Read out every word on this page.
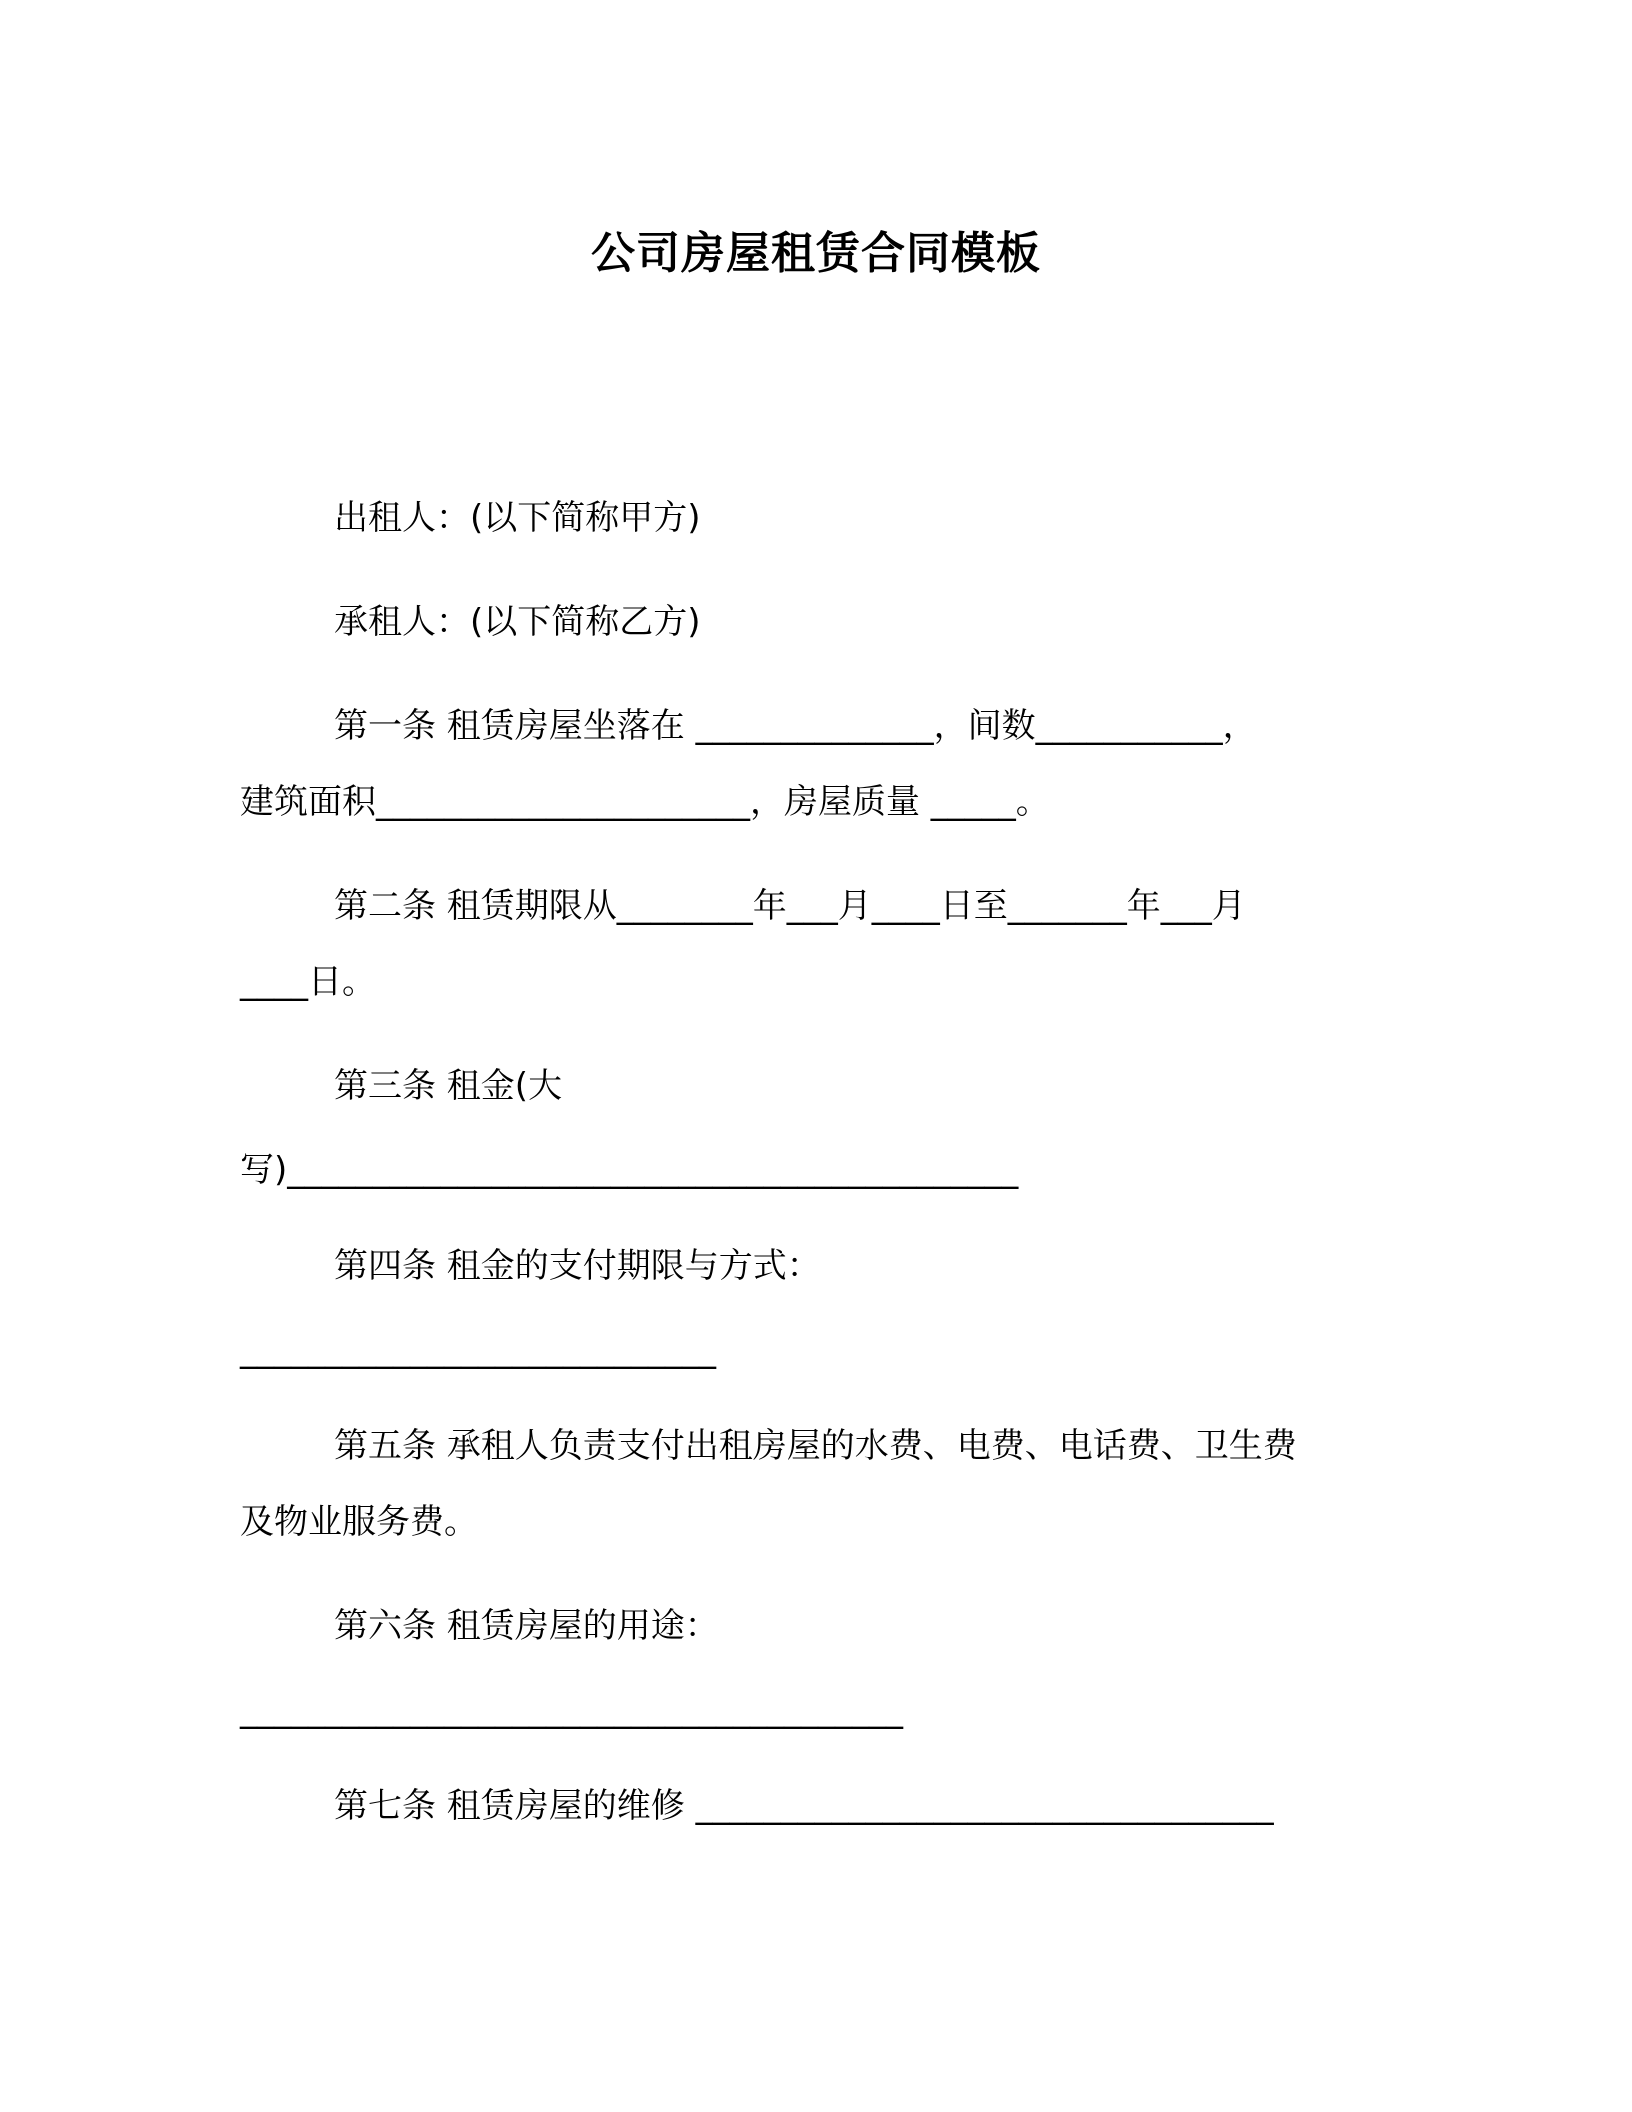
公司房屋租赁合同模板
出租人：(以下简称甲方)
承租人：(以下简称乙方)
第一条 租赁房屋坐落在 ______________，间数___________，
建筑面积______________________，房屋质量 _____。
第二条 租赁期限从________年___月____日至_______年___月
____日。
第三条 租金(大
写)___________________________________________
第四条 租金的支付期限与方式：
____________________________
第五条 承租人负责支付出租房屋的水费、电费、电话费、卫生费
及物业服务费。
第六条 租赁房屋的用途：
_______________________________________
第七条 租赁房屋的维修 __________________________________
